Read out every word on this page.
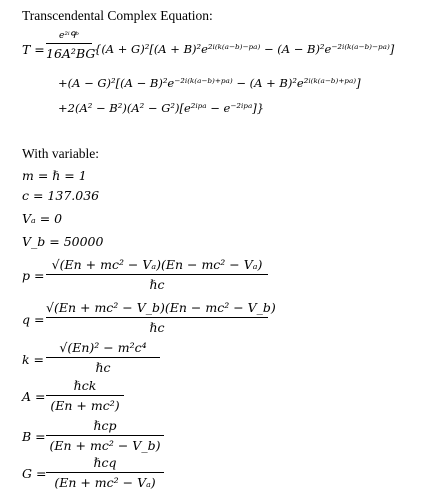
Transcendental Complex Equation:
T =
e²ⁱᑫᵇ
16A²BG
{(A + G)²[(A + B)²e²ⁱ⁽ᵏ⁽ᵃ⁻ᵇ⁾⁻ᵖᵃ⁾ − (A − B)²e⁻²ⁱ⁽ᵏ⁽ᵃ⁻ᵇ⁾⁻ᵖᵃ⁾]
+(A − G)²[(A − B)²e⁻²ⁱ⁽ᵏ⁽ᵃ⁻ᵇ⁾⁺ᵖᵃ⁾ − (A + B)²e²ⁱ⁽ᵏ⁽ᵃ⁻ᵇ⁾⁺ᵖᵃ⁾]
+2(A² − B²)(A² − G²)[e²ⁱᵖᵃ − e⁻²ⁱᵖᵃ]}
With variable:
m = ℏ = 1
c = 137.036
Vₐ = 0
V_b = 50000
p =
√(En + mc² − Vₐ)(En − mc² − Vₐ)
ℏc
q =
√(En + mc² − V_b)(En − mc² − V_b)
ℏc
k =
√(En)² − m²c⁴
ℏc
A =
ℏck
(En + mc²)
B =
ℏcp
(En + mc² − V_b)
G =
ℏcq
(En + mc² − Vₐ)
